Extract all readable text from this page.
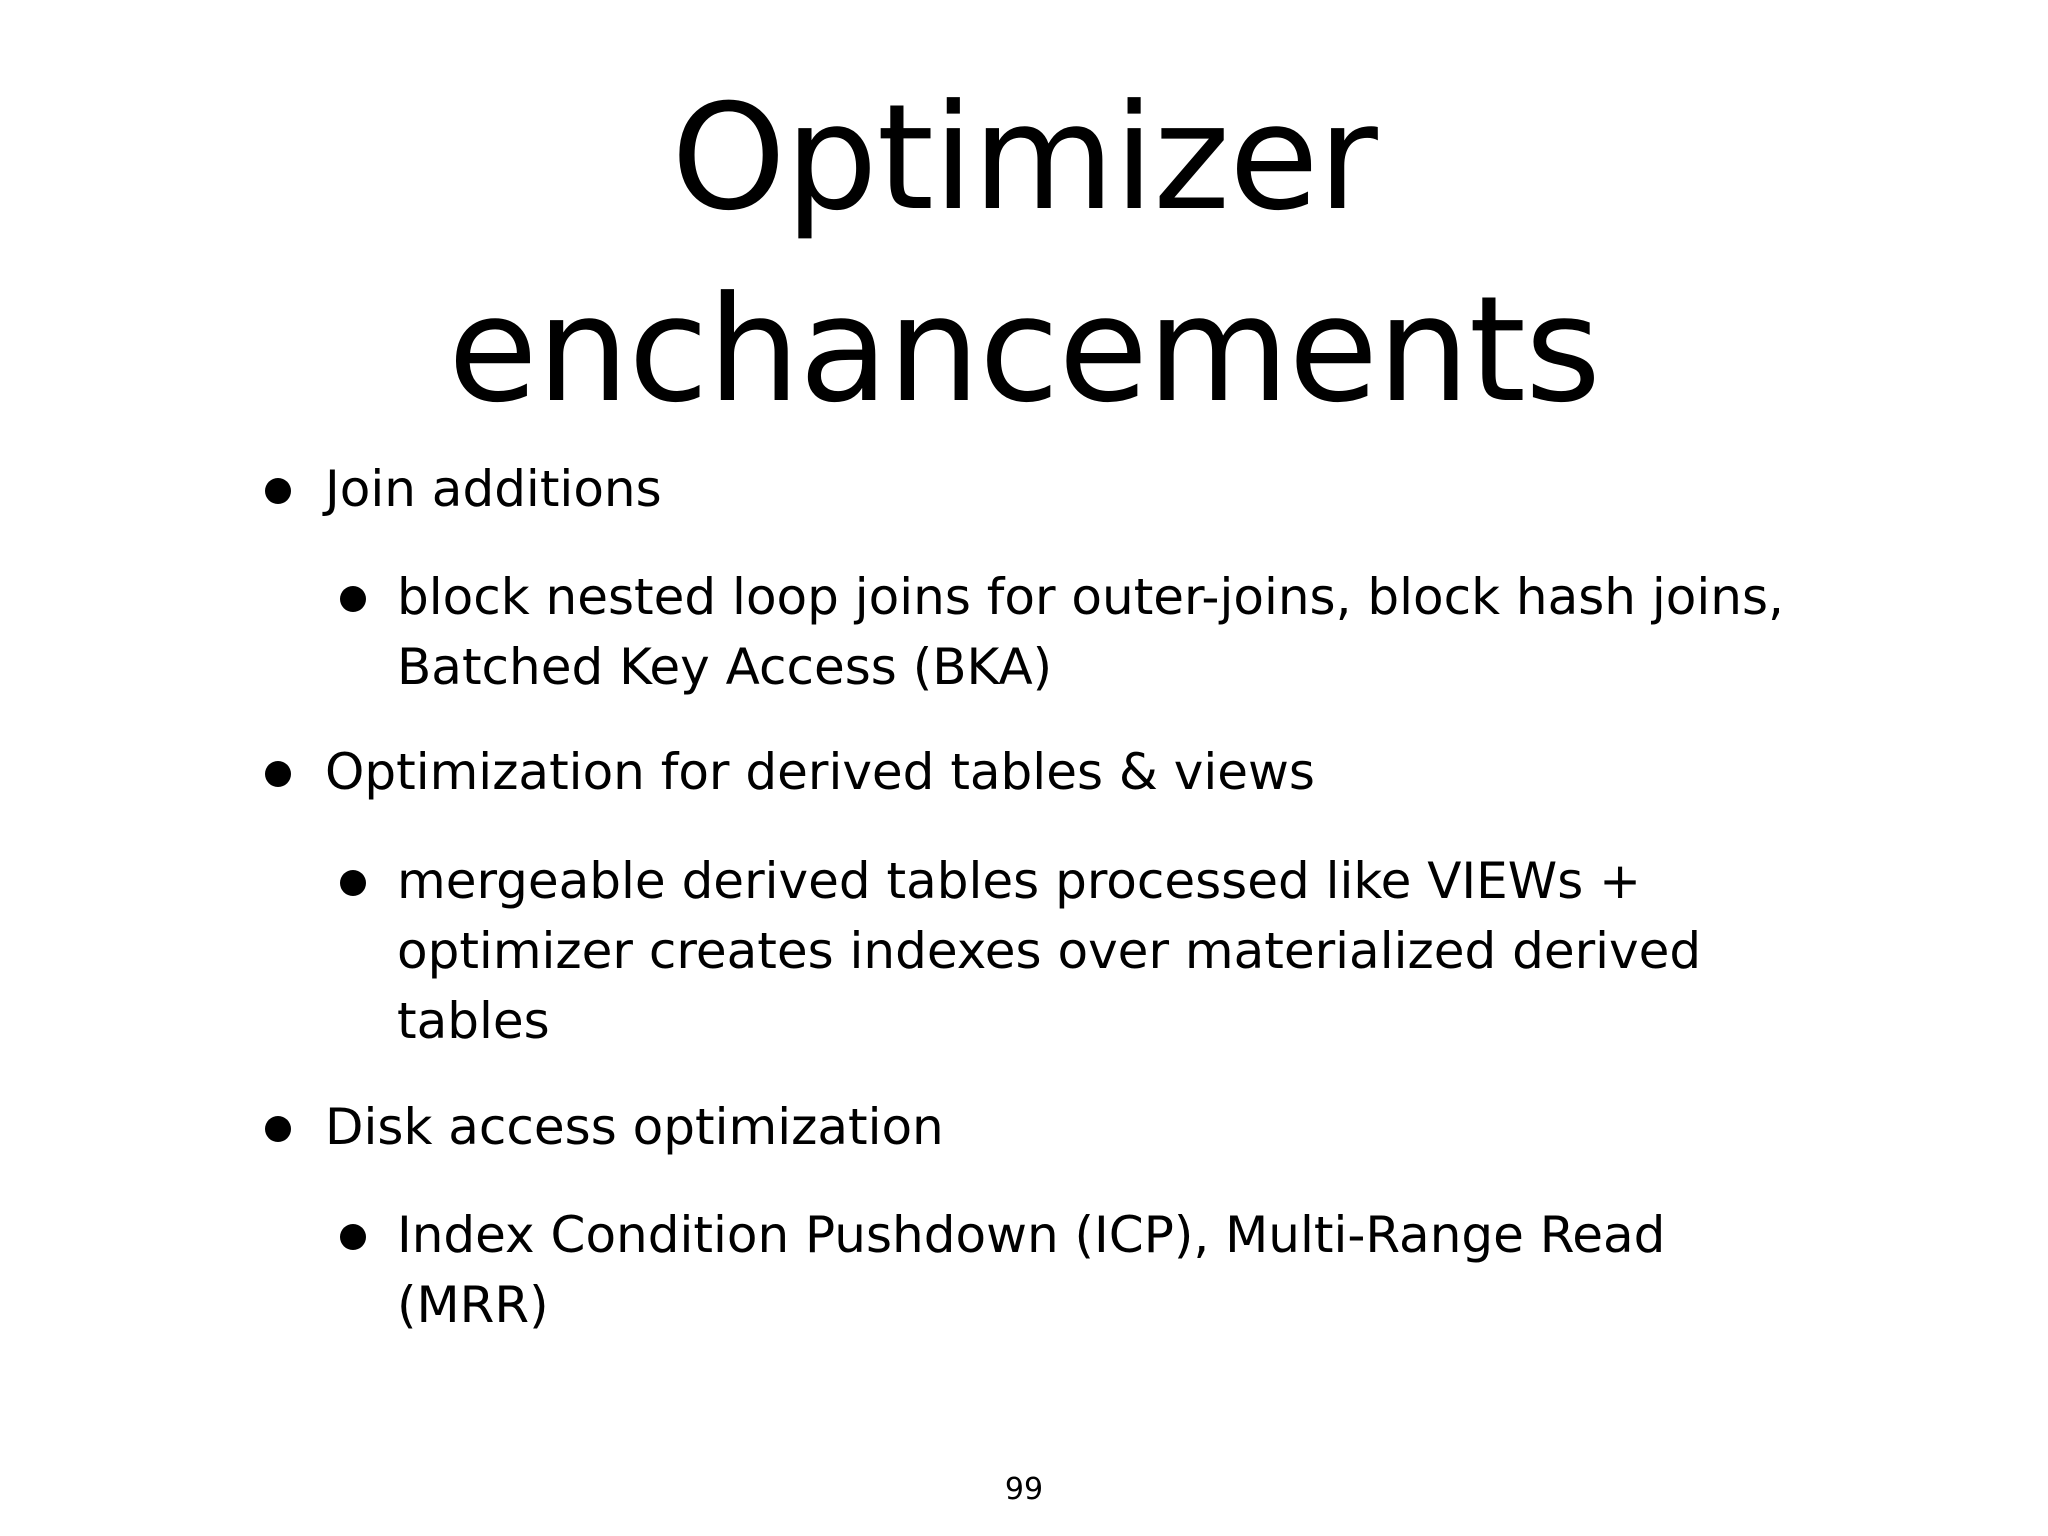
Optimizer
enchancements
Join additions
block nested loop joins for outer-joins, block hash joins,
Batched Key Access (BKA)
Optimization for derived tables & views
mergeable derived tables processed like VIEWs +
optimizer creates indexes over materialized derived
tables
Disk access optimization
Index Condition Pushdown (ICP), Multi-Range Read
(MRR)
99
